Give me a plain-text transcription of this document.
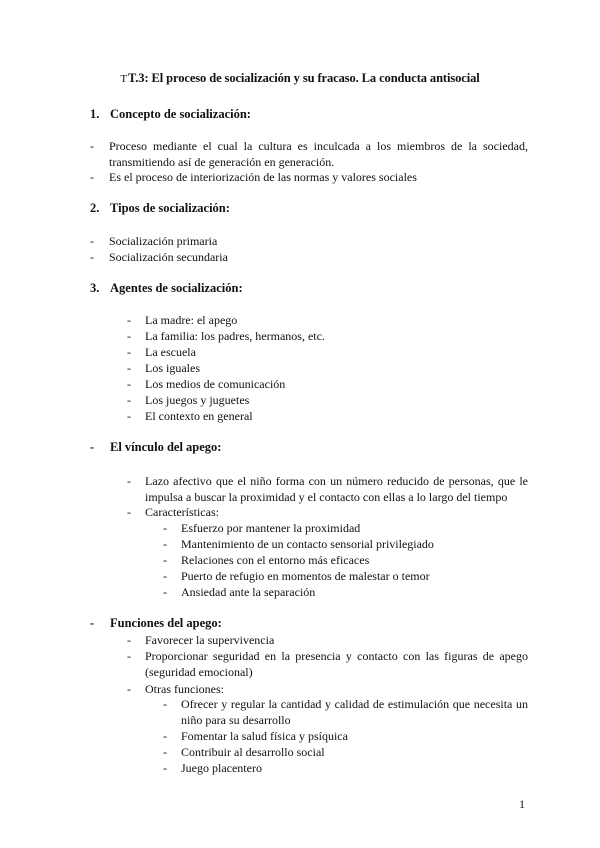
TT.3: El proceso de socialización y su fracaso. La conducta antisocial
1. Concepto de socialización:
- Proceso mediante el cual la cultura es inculcada a los miembros de la sociedad, transmitiendo así de generación en generación.
- Es el proceso de interiorización de las normas y valores sociales
2. Tipos de socialización:
- Socialización primaria
- Socialización secundaria
3. Agentes de socialización:
- La madre: el apego
- La familia: los padres, hermanos, etc.
- La escuela
- Los iguales
- Los medios de comunicación
- Los juegos y juguetes
- El contexto en general
- El vínculo del apego:
- Lazo afectivo que el niño forma con un número reducido de personas, que le impulsa a buscar la proximidad y el contacto con ellas a lo largo del tiempo
- Características:
- Esfuerzo por mantener la proximidad
- Mantenimiento de un contacto sensorial privilegiado
- Relaciones con el entorno más eficaces
- Puerto de refugio en momentos de malestar o temor
- Ansiedad ante la separación
- Funciones del apego:
- Favorecer la supervivencia
- Proporcionar seguridad en la presencia y contacto con las figuras de apego (seguridad emocional)
- Otras funciones:
- Ofrecer y regular la cantidad y calidad de estimulación que necesita un niño para su desarrollo
- Fomentar la salud física y psíquica
- Contribuir al desarrollo social
- Juego placentero
1
